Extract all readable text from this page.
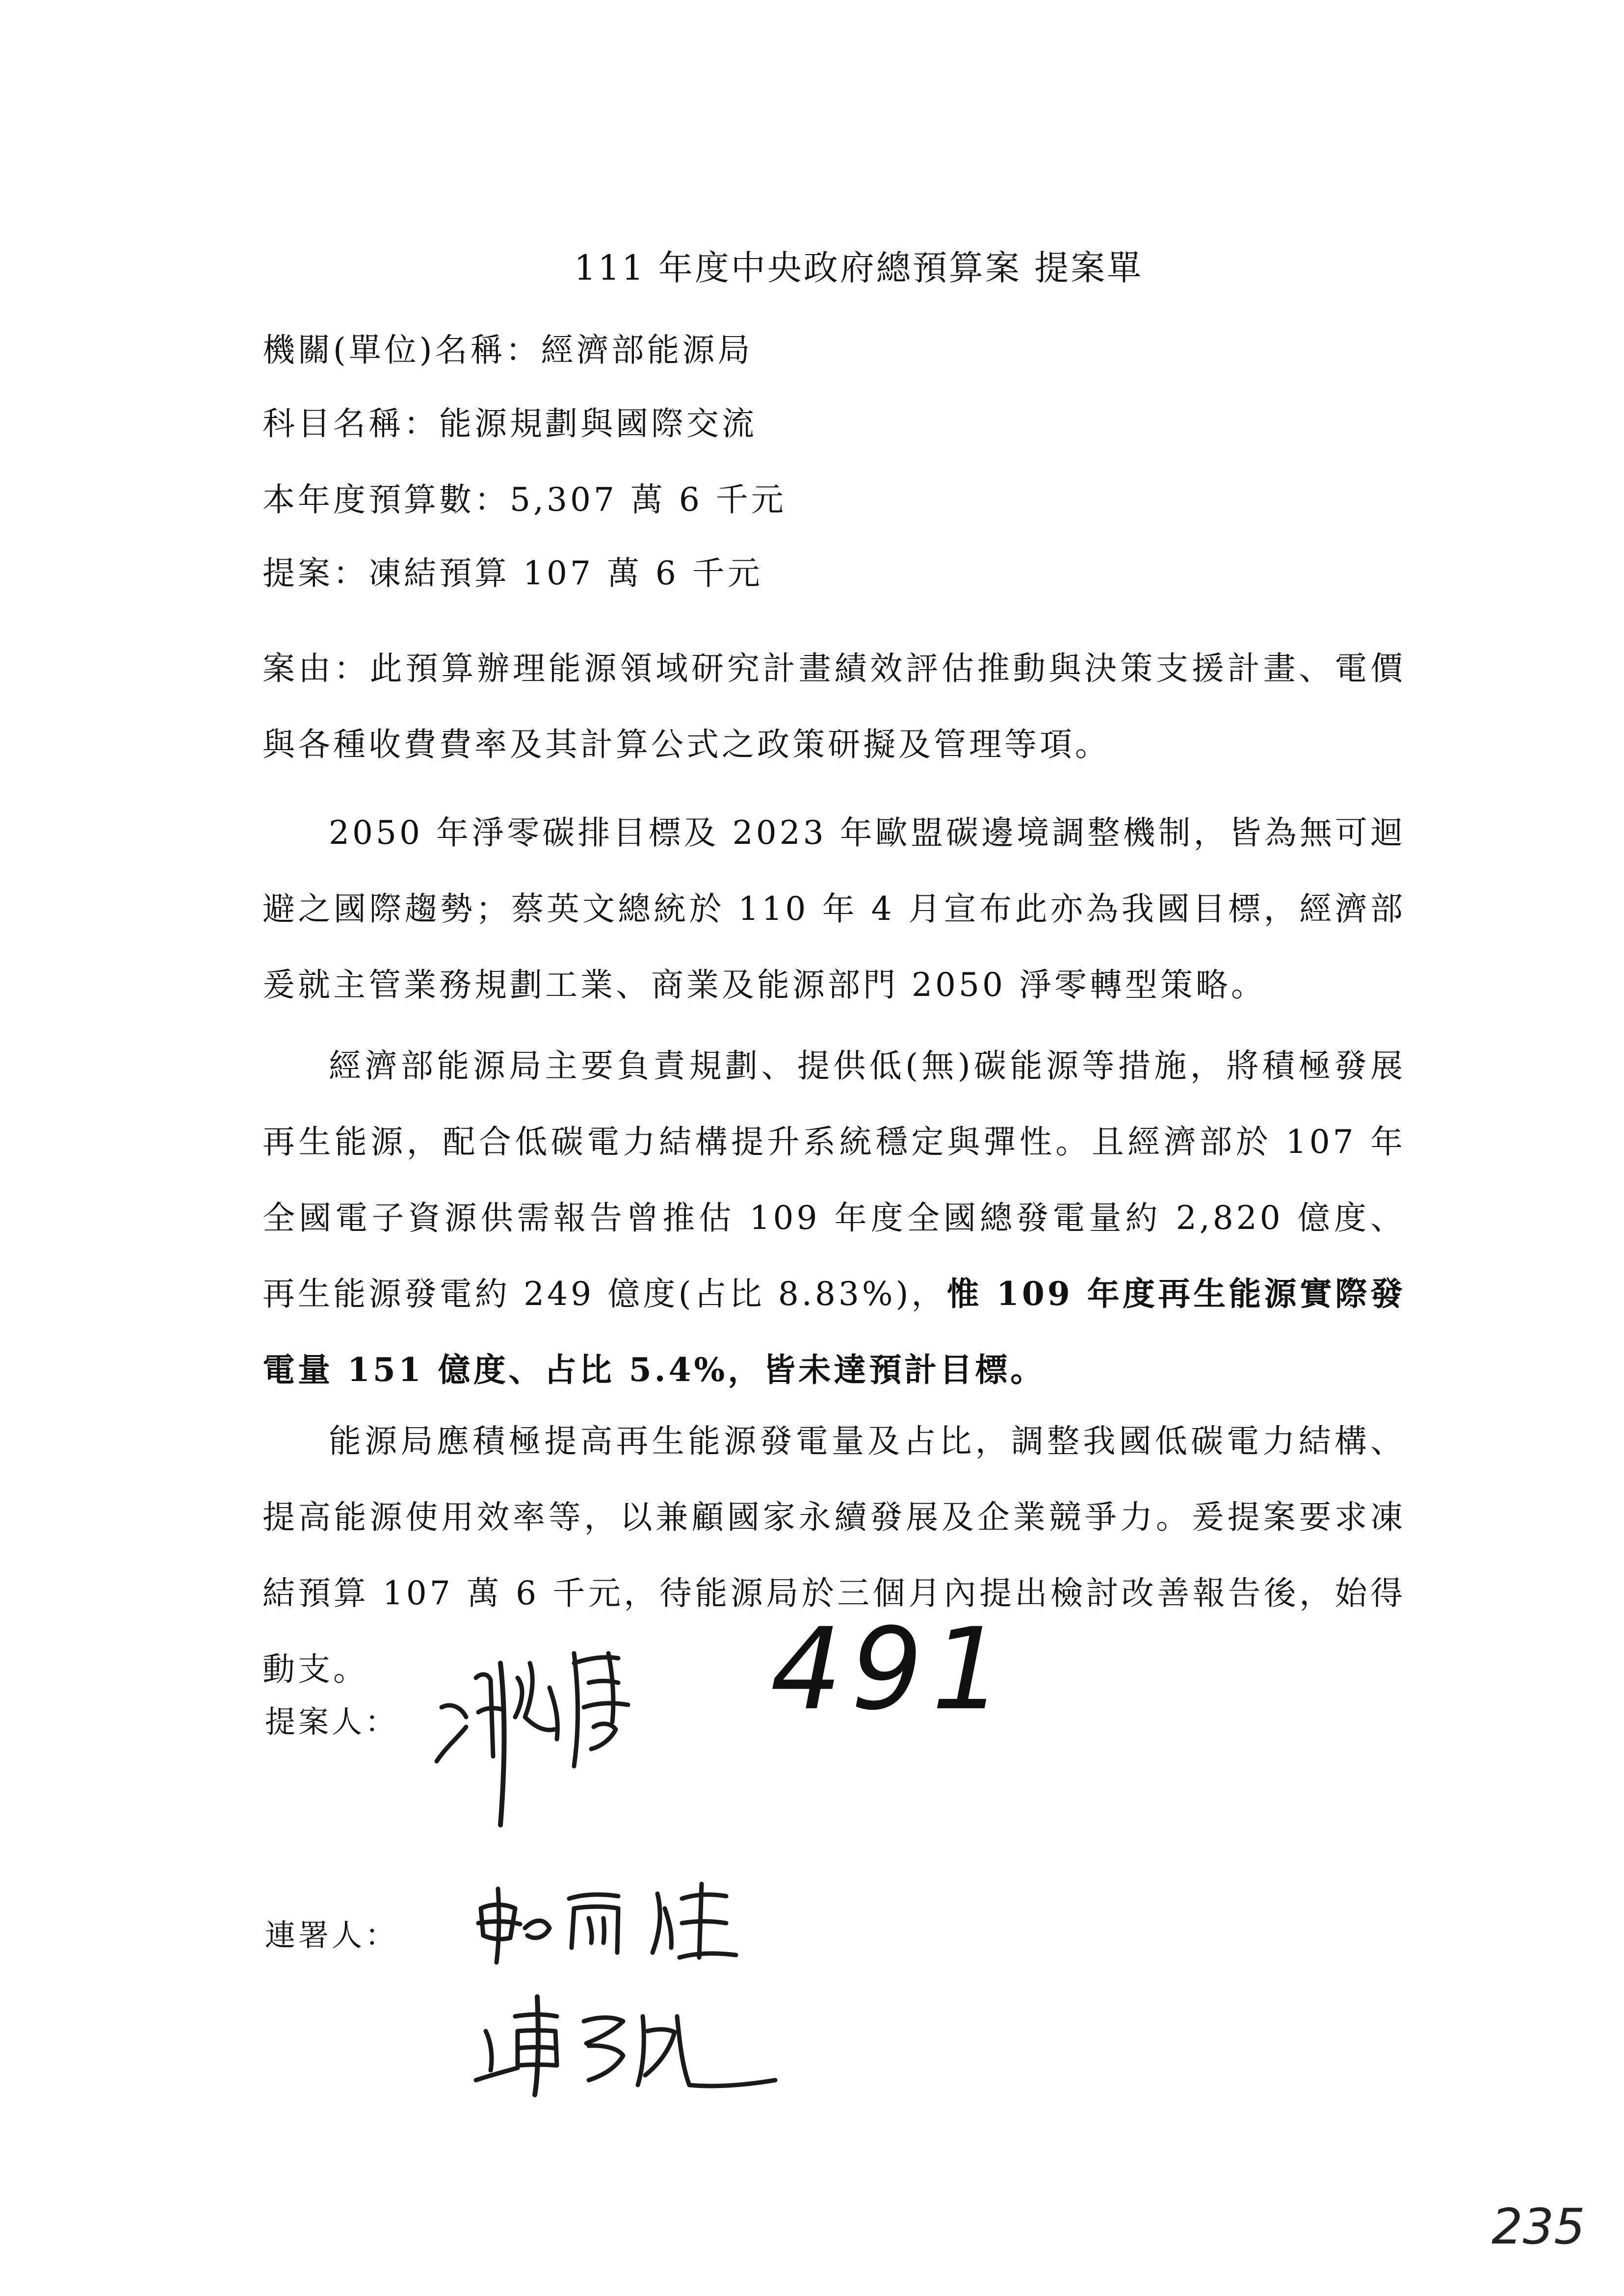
111 年度中央政府總預算案 提案單
機關(單位)名稱：經濟部能源局
科目名稱：能源規劃與國際交流
本年度預算數：5,307 萬 6 千元
提案：凍結預算 107 萬 6 千元

案由：此預算辦理能源領域研究計畫績效評估推動與決策支援計畫、電價與各種收費費率及其計算公式之政策研擬及管理等項。

2050 年淨零碳排目標及 2023 年歐盟碳邊境調整機制，皆為無可迴避之國際趨勢；蔡英文總統於 110 年 4 月宣布此亦為我國目標，經濟部爰就主管業務規劃工業、商業及能源部門 2050 淨零轉型策略。

經濟部能源局主要負責規劃、提供低(無)碳能源等措施，將積極發展再生能源，配合低碳電力結構提升系統穩定與彈性。且經濟部於 107 年全國電子資源供需報告曾推估 109 年度全國總發電量約 2,820 億度、再生能源發電約 249 億度(占比 8.83%)，惟 109 年度再生能源實際發電量 151 億度、占比 5.4%，皆未達預計目標。

能源局應積極提高再生能源發電量及占比，調整我國低碳電力結構、提高能源使用效率等，以兼顧國家永續發展及企業競爭力。爰提案要求凍結預算 107 萬 6 千元，待能源局於三個月內提出檢討改善報告後，始得動支。

提案人：
連署人：
491
235
